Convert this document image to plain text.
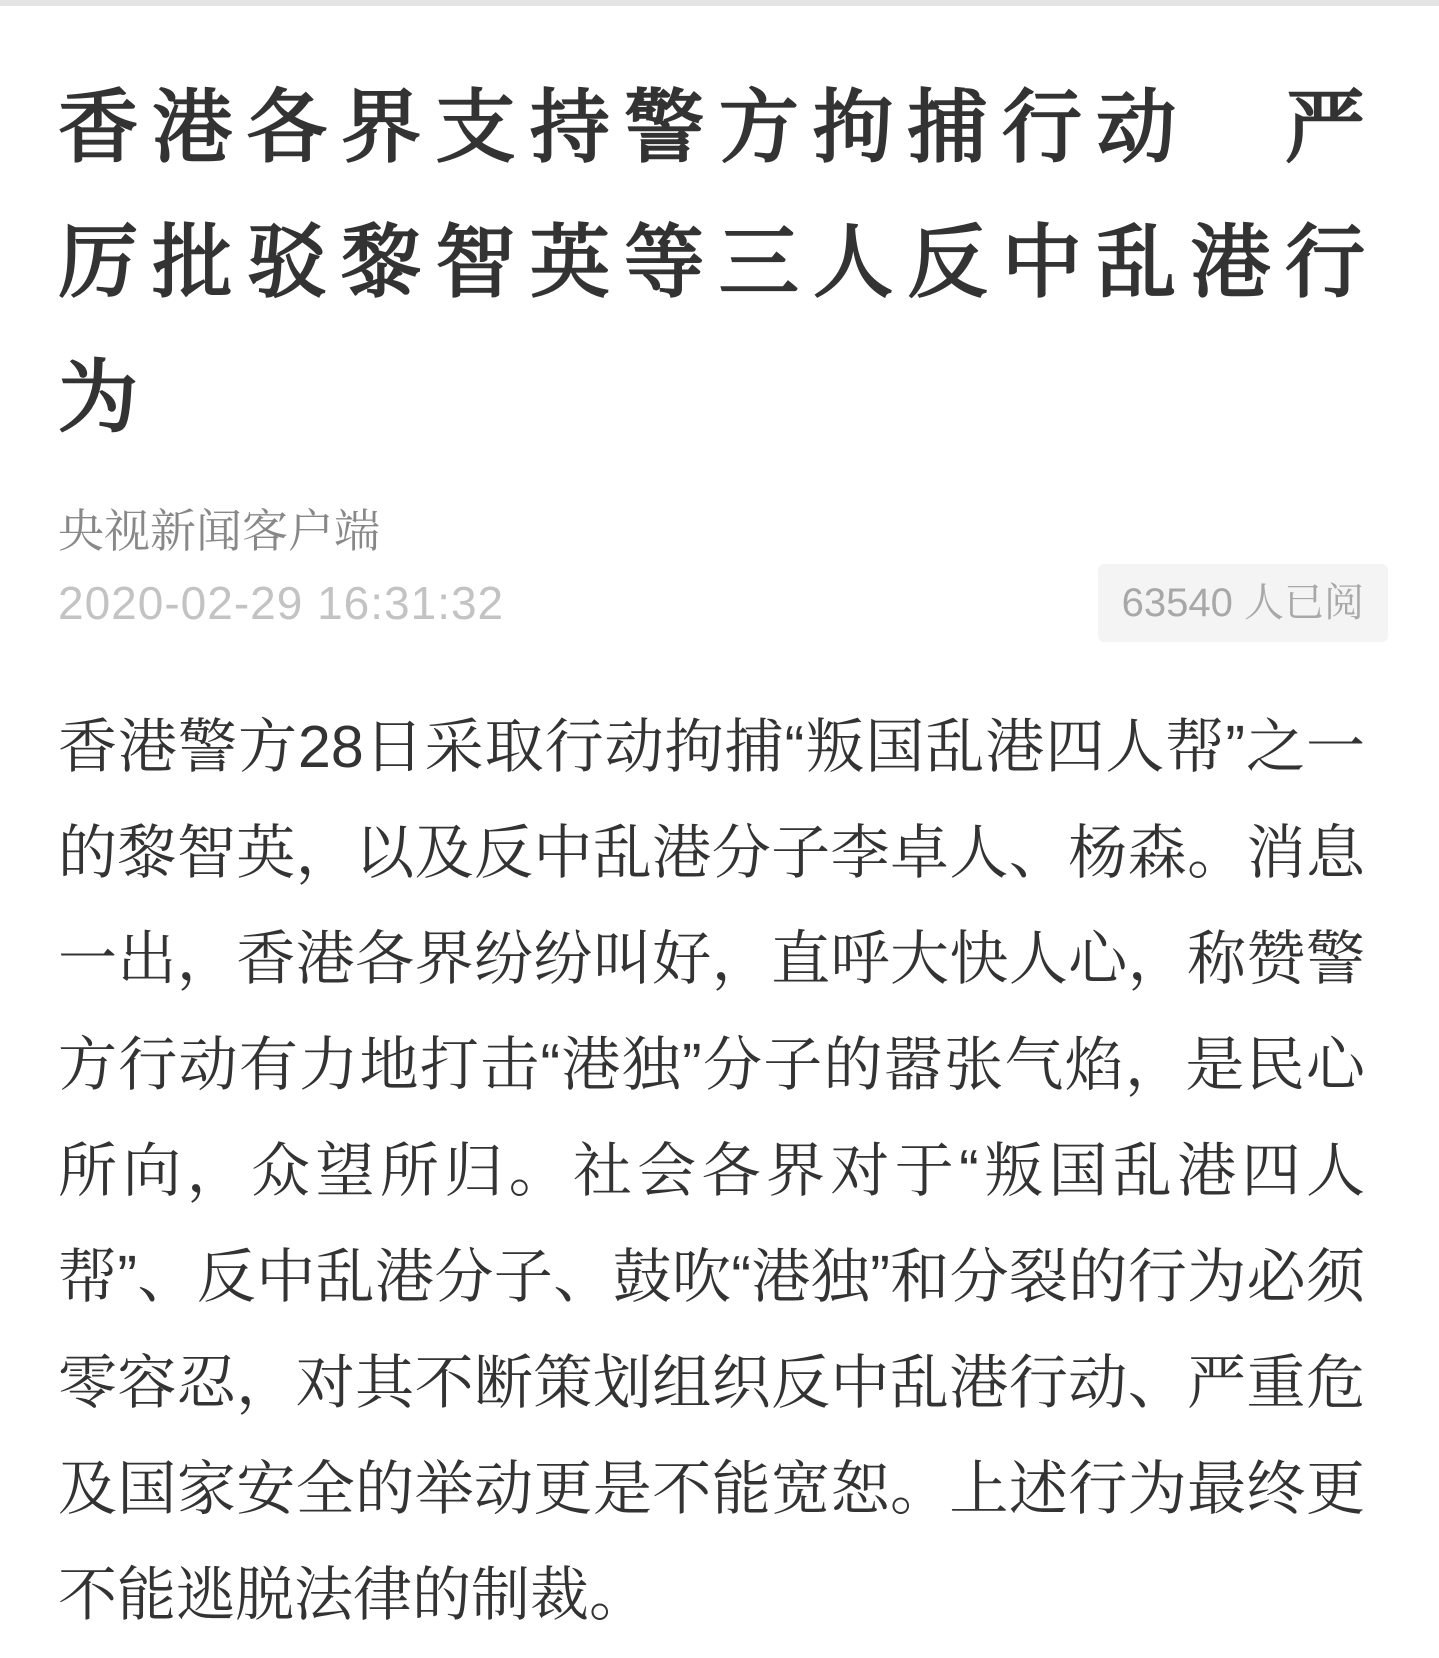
香港各界支持警方拘捕行动　严
厉批驳黎智英等三人反中乱港行
为
央视新闻客户端
2020-02-29 16:31:32	63540 人已阅
香港警方28日采取行动拘捕“叛国乱港四人帮”之一
的黎智英，以及反中乱港分子李卓人、杨森。消息
一出，香港各界纷纷叫好，直呼大快人心，称赞警
方行动有力地打击“港独”分子的嚣张气焰，是民心
所向，众望所归。社会各界对于“叛国乱港四人
帮”、反中乱港分子、鼓吹“港独”和分裂的行为必须
零容忍，对其不断策划组织反中乱港行动、严重危
及国家安全的举动更是不能宽恕。上述行为最终更
不能逃脱法律的制裁。
